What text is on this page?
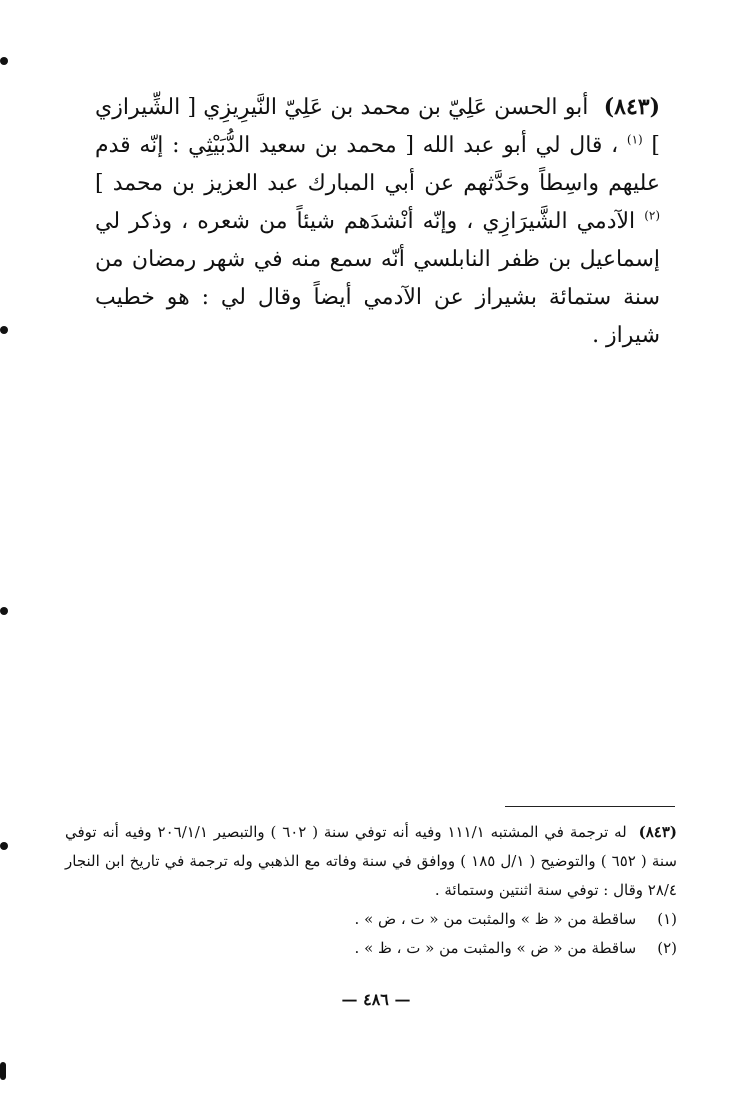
(٨٤٣) أبو الحسن عَلِيّ بن محمد بن عَلِيّ النَّيرِيزِي [ الشِّيرازي ] $^{(١)}$ ، قال لي أبو عبد الله [ محمد بن سعيد الدُّبَيْثِي : إنّه قدم عليهم واسِطاً وحَدَّثهم عن أبي المبارك عبد العزيز بن محمد ] $^{(٢)}$ الآدمي الشَّيرَازِي ، وإنّه أنْشدَهم شيئاً من شعره ، وذكر لي إسماعيل بن ظفر النابلسي أنّه سمع منه في شهر رمضان من سنة ستمائة بشيراز عن الآدمي أيضاً وقال لي : هو خطيب شيراز .

(٨٤٣) له ترجمة في المشتبه ١١١/١ وفيه أنه توفي سنة ( ٦٠٢ ) والتبصير ٢٠٦/١/١ وفيه أنه توفي سنة ( ٦٥٢ ) والتوضيح ( ١/ل ١٨٥ ) ووافق في سنة وفاته مع الذهبي وله ترجمة في تاريخ ابن النجار ٢٨/٤ وقال : توفي سنة اثنتين وستمائة .

(١) ساقطة من « ظ » والمثبت من « ت ، ض » .

(٢) ساقطة من « ض » والمثبت من « ت ، ظ » .

— ٤٨٦ —
